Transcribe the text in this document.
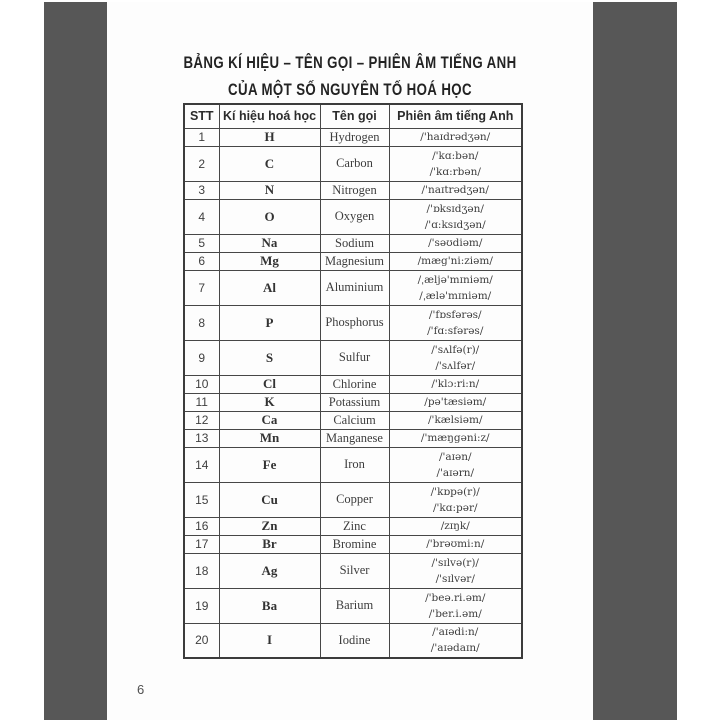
BẢNG KÍ HIỆU – TÊN GỌI – PHIÊN ÂM TIẾNG ANH CỦA MỘT SỐ NGUYÊN TỐ HOÁ HỌC
STT	Kí hiệu hoá học	Tên gọi	Phiên âm tiếng Anh
1	H	Hydrogen	/'haɪdrədʒən/

2	C	Carbon	/'kɑ:bən/
/'kɑ:rbən/

3	N	Nitrogen	/'naɪtrədʒən/

4	O	Oxygen	/'ɒksɪdʒən/
/'ɑ:ksɪdʒən/

5	Na	Sodium	/'səʊdiəm/

6	Mg	Magnesium	/mæg'ni:ziəm/

7	Al	Aluminium	/ˌæljə'mɪniəm/
/ˌælə'mɪniəm/

8	P	Phosphorus	/'fɒsfərəs/
/'fɑ:sfərəs/

9	S	Sulfur	/'sʌlfə(r)/
/'sʌlfər/

10	Cl	Chlorine	/'klɔ:ri:n/

11	K	Potassium	/pə'tæsiəm/

12	Ca	Calcium	/'kælsiəm/

13	Mn	Manganese	/'mæŋgəni:z/

14	Fe	Iron	/'aɪən/
/'aɪərn/

15	Cu	Copper	/'kɒpə(r)/
/'kɑ:pər/

16	Zn	Zinc	/zɪŋk/

17	Br	Bromine	/'brəʊmi:n/

18	Ag	Silver	/'sɪlvə(r)/
/'sɪlvər/

19	Ba	Barium	/'beə.ri.əm/
/'ber.i.əm/

20	I	Iodine	/'aɪədi:n/
/'aɪədaɪn/
6
